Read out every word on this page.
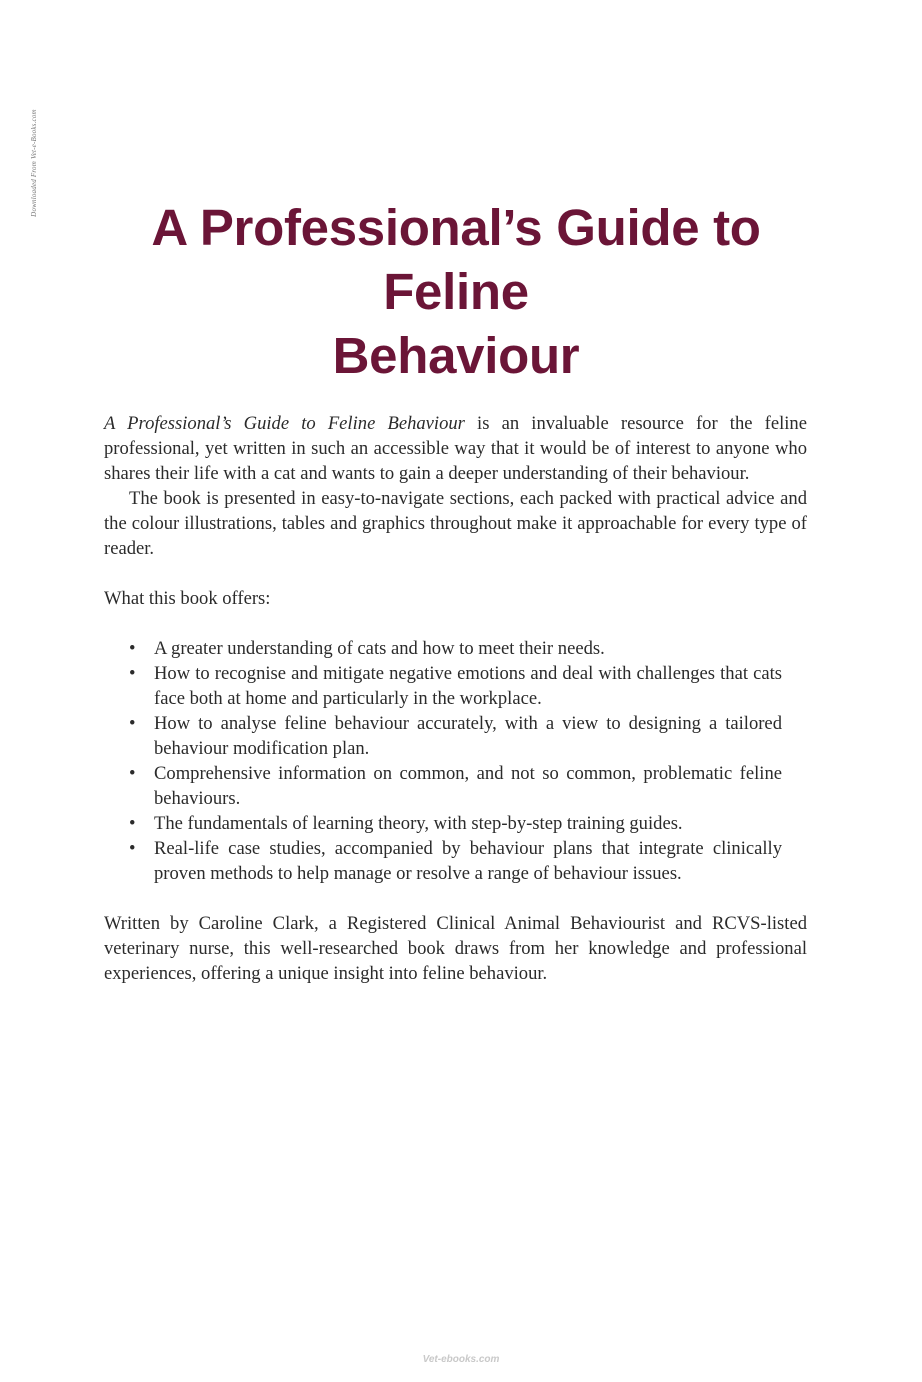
Downloaded From Vet-e-Books.com
A Professional’s Guide to Feline
Behaviour

A Professional’s Guide to Feline Behaviour is an invaluable resource for the feline professional, yet written in such an accessible way that it would be of interest to anyone who shares their life with a cat and wants to gain a deeper understanding of their behaviour.

The book is presented in easy-to-navigate sections, each packed with practical advice and the colour illustrations, tables and graphics throughout make it approachable for every type of reader.

What this book offers:

• A greater understanding of cats and how to meet their needs.
• How to recognise and mitigate negative emotions and deal with challenges that cats face both at home and particularly in the workplace.
• How to analyse feline behaviour accurately, with a view to designing a tailored behaviour modification plan.
• Comprehensive information on common, and not so common, problematic feline behaviours.
• The fundamentals of learning theory, with step-by-step training guides.
• Real-life case studies, accompanied by behaviour plans that integrate clinically proven methods to help manage or resolve a range of behaviour issues.

Written by Caroline Clark, a Registered Clinical Animal Behaviourist and RCVS-listed veterinary nurse, this well-researched book draws from her knowledge and professional experiences, offering a unique insight into feline behaviour.

Vet-ebooks.com
